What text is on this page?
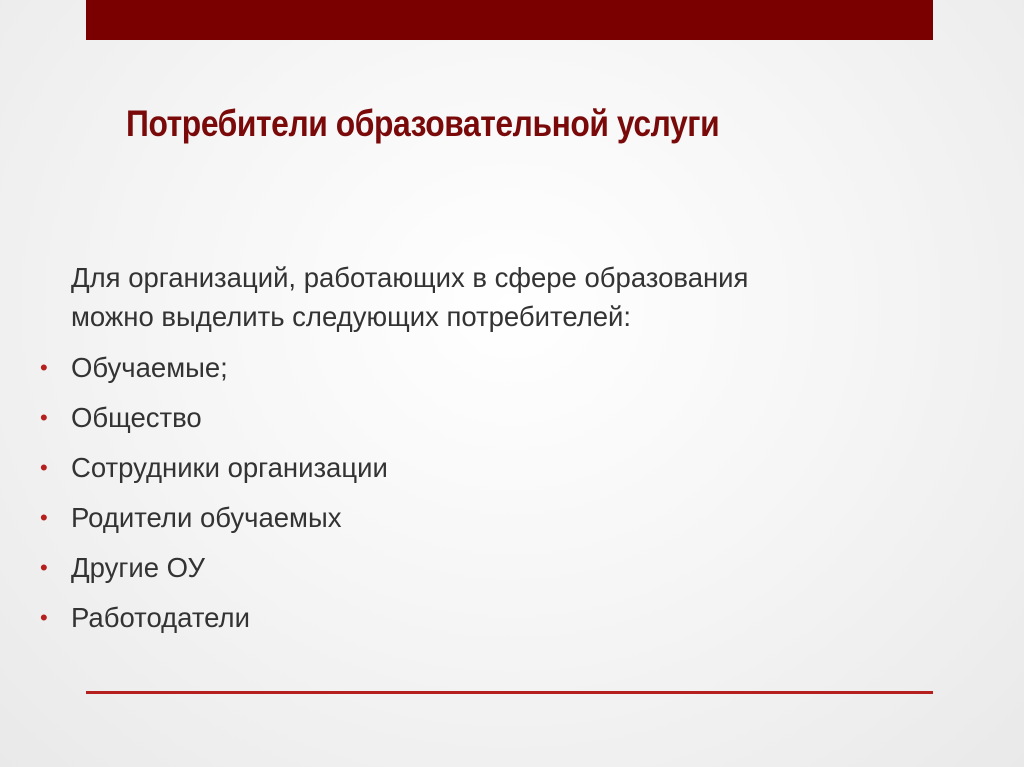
Потребители образовательной услуги
Для организаций, работающих в сфере образования
можно выделить следующих потребителей:
• Обучаемые;
• Общество
• Сотрудники организации
• Родители обучаемых
• Другие ОУ
• Работодатели
